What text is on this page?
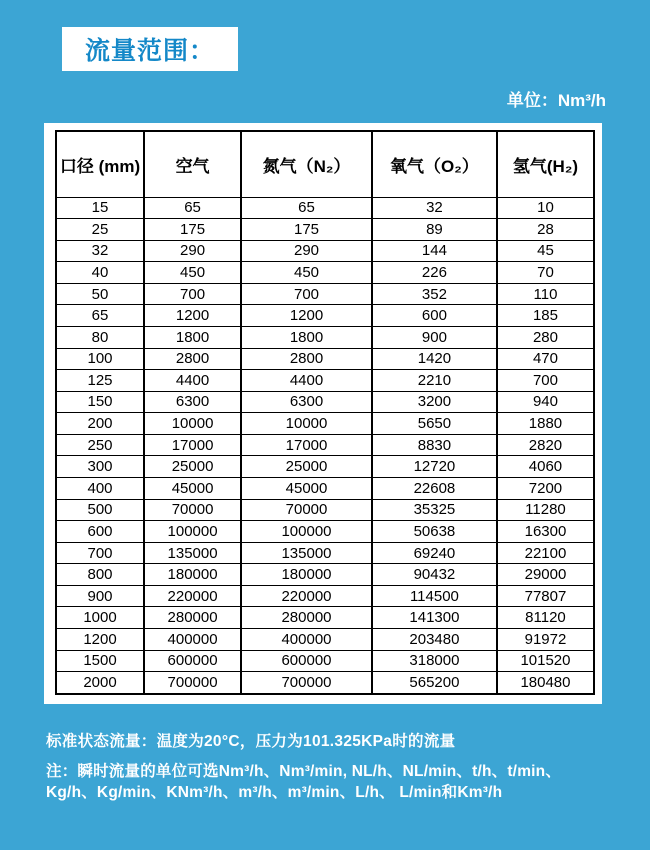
流量范围：
单位：Nm³/h
口径 (mm)	空气	氮气（N₂）	氧气（O₂）	氢气(H₂)
15	65	65	32	10
25	175	175	89	28
32	290	290	144	45
40	450	450	226	70
50	700	700	352	110
65	1200	1200	600	185
80	1800	1800	900	280
100	2800	2800	1420	470
125	4400	4400	2210	700
150	6300	6300	3200	940
200	10000	10000	5650	1880
250	17000	17000	8830	2820
300	25000	25000	12720	4060
400	45000	45000	22608	7200
500	70000	70000	35325	11280
600	100000	100000	50638	16300
700	135000	135000	69240	22100
800	180000	180000	90432	29000
900	220000	220000	114500	77807
1000	280000	280000	141300	81120
1200	400000	400000	203480	91972
1500	600000	600000	318000	101520
2000	700000	700000	565200	180480
标准状态流量：温度为20°C，压力为101.325KPa时的流量
注：瞬时流量的单位可选Nm³/h、Nm³/min, NL/h、NL/min、t/h、t/min、
Kg/h、Kg/min、KNm³/h、m³/h、m³/min、L/h、 L/min和Km³/h
